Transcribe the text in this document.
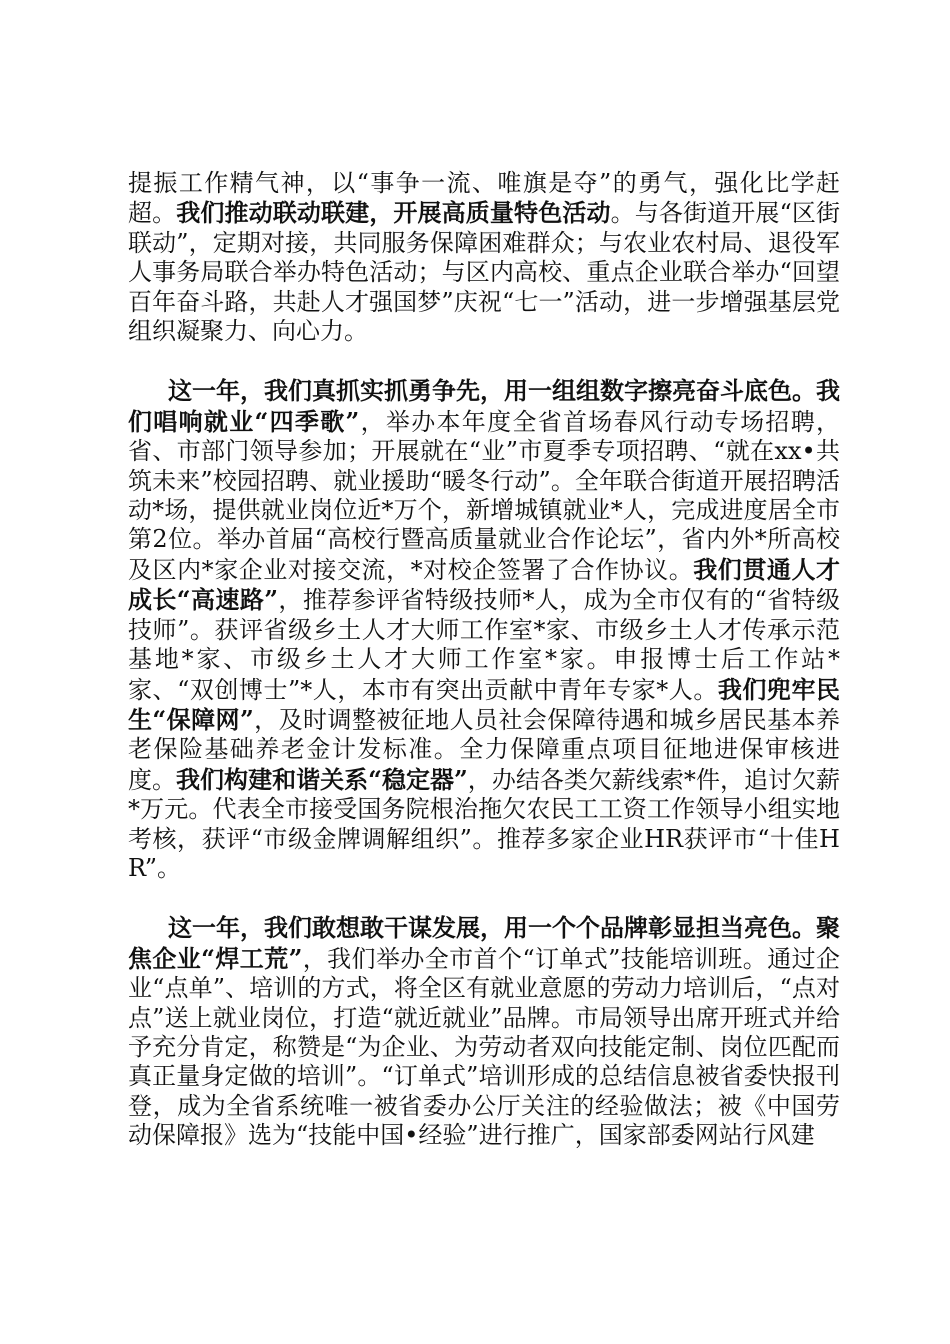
提振工作精气神，以“事争一流、唯旗是夺”的勇气，强化比学赶超。我们推动联动联建，开展高质量特色活动。与各街道开展“区街联动”，定期对接，共同服务保障困难群众；与农业农村局、退役军人事务局联合举办特色活动；与区内高校、重点企业联合举办“回望百年奋斗路，共赴人才强国梦”庆祝“七一”活动，进一步增强基层党组织凝聚力、向心力。

这一年，我们真抓实抓勇争先，用一组组数字擦亮奋斗底色。我们唱响就业“四季歌”，举办本年度全省首场春风行动专场招聘，省、市部门领导参加；开展就在“业”市夏季专项招聘、“就在xx•共筑未来”校园招聘、就业援助“暖冬行动”。全年联合街道开展招聘活动*场，提供就业岗位近*万个，新增城镇就业*人，完成进度居全市第2位。举办首届“高校行暨高质量就业合作论坛”，省内外*所高校及区内*家企业对接交流，*对校企签署了合作协议。我们贯通人才成长“高速路”，推荐参评省特级技师*人，成为全市仅有的“省特级技师”。获评省级乡土人才大师工作室*家、市级乡土人才传承示范基地*家、市级乡土人才大师工作室*家。申报博士后工作站*家、“双创博士”*人，本市有突出贡献中青年专家*人。我们兜牢民生“保障网”，及时调整被征地人员社会保障待遇和城乡居民基本养老保险基础养老金计发标准。全力保障重点项目征地进保审核进度。我们构建和谐关系“稳定器”，办结各类欠薪线索*件，追讨欠薪*万元。代表全市接受国务院根治拖欠农民工工资工作领导小组实地考核，获评“市级金牌调解组织”。推荐多家企业HR获评市“十佳HR”。

这一年，我们敢想敢干谋发展，用一个个品牌彰显担当亮色。聚焦企业“焊工荒”，我们举办全市首个“订单式”技能培训班。通过企业“点单”、培训的方式，将全区有就业意愿的劳动力培训后，“点对点”送上就业岗位，打造“就近就业”品牌。市局领导出席开班式并给予充分肯定，称赞是“为企业、为劳动者双向技能定制、岗位匹配而真正量身定做的培训”。“订单式”培训形成的总结信息被省委快报刊登，成为全省系统唯一被省委办公厅关注的经验做法；被《中国劳动保障报》选为“技能中国•经验”进行推广，国家部委网站行风建
